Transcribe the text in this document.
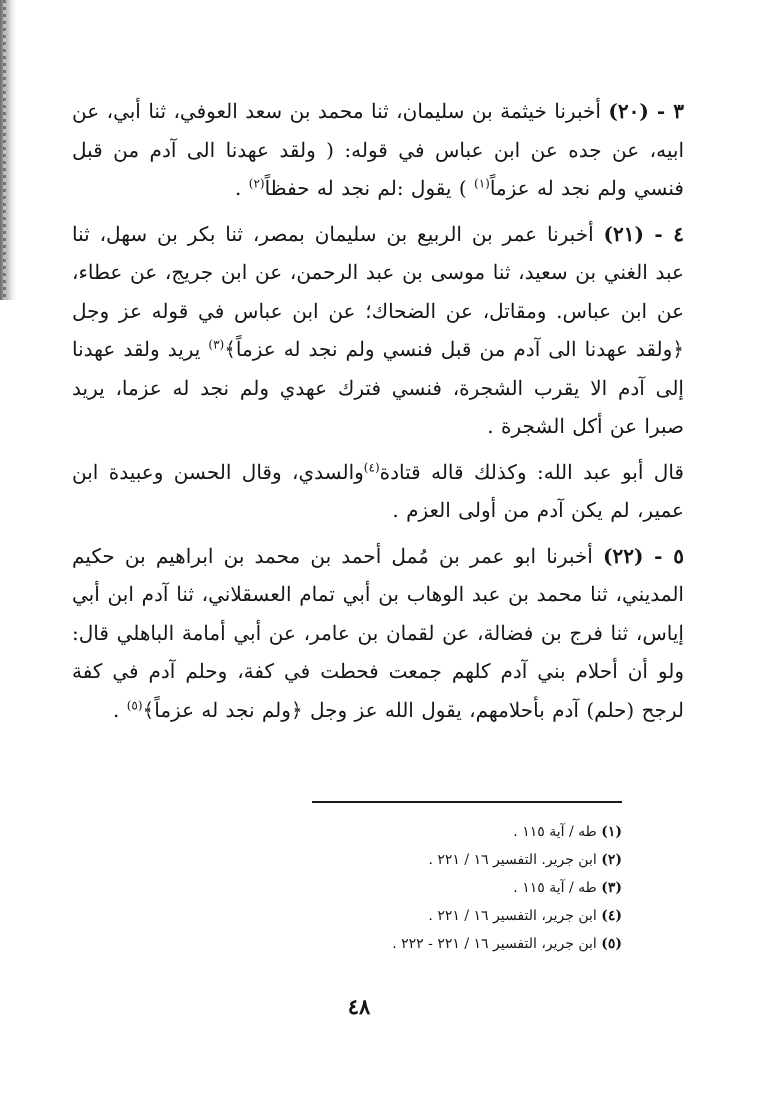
٣ - (٢٠) أخبرنا خيثمة بن سليمان، ثنا محمد بن سعد العوفي، ثنا أبي، عن ابيه، عن جده عن ابن عباس في قوله: ( ولقد عهدنا الى آدم من قبل فنسي ولم نجد له عزماً$^{(١)}$ ) يقول :لم نجد له حفظاً$^{(٢)}$ .

٤ - (٢١) أخبرنا عمر بن الربيع بن سليمان بمصر، ثنا بكر بن سهل، ثنا عبد الغني بن سعيد، ثنا موسى بن عبد الرحمن، عن ابن جريج، عن عطاء، عن ابن عباس. ومقاتل، عن الضحاك؛ عن ابن عباس في قوله عز وجل ﴿ولقد عهدنا الى آدم من قبل فنسي ولم نجد له عزماً﴾$^{(٣)}$ يريد ولقد عهدنا إلى آدم الا يقرب الشجرة، فنسي فترك عهدي ولم نجد له عزما، يريد صبرا عن أكل الشجرة .

قال أبو عبد الله: وكذلك قاله قتادة$^{(٤)}$والسدي، وقال الحسن وعبيدة ابن عمير، لم يكن آدم من أولى العزم .

٥ - (٢٢) أخبرنا ابو عمر بن مُمل أحمد بن محمد بن ابراهيم بن حكيم المديني، ثنا محمد بن عبد الوهاب بن أبي تمام العسقلاني، ثنا آدم ابن أبي إياس، ثنا فرج بن فضالة، عن لقمان بن عامر، عن أبي أمامة الباهلي قال: ولو أن أحلام بني آدم كلهم جمعت فحطت في كفة، وحلم آدم في كفة لرجح (حلم) آدم بأحلامهم، يقول الله عز وجل ﴿ولم نجد له عزماً﴾$^{(٥)}$ .

(١) طه / آية ١١٥ .
(٢) ابن جرير. التفسير ١٦ / ٢٢١ .
(٣) طه / آية ١١٥ .
(٤) ابن جرير، التفسير ١٦ / ٢٢١ .
(٥) ابن جرير، التفسير ١٦ / ٢٢١ - ٢٢٢ .
٤٨
